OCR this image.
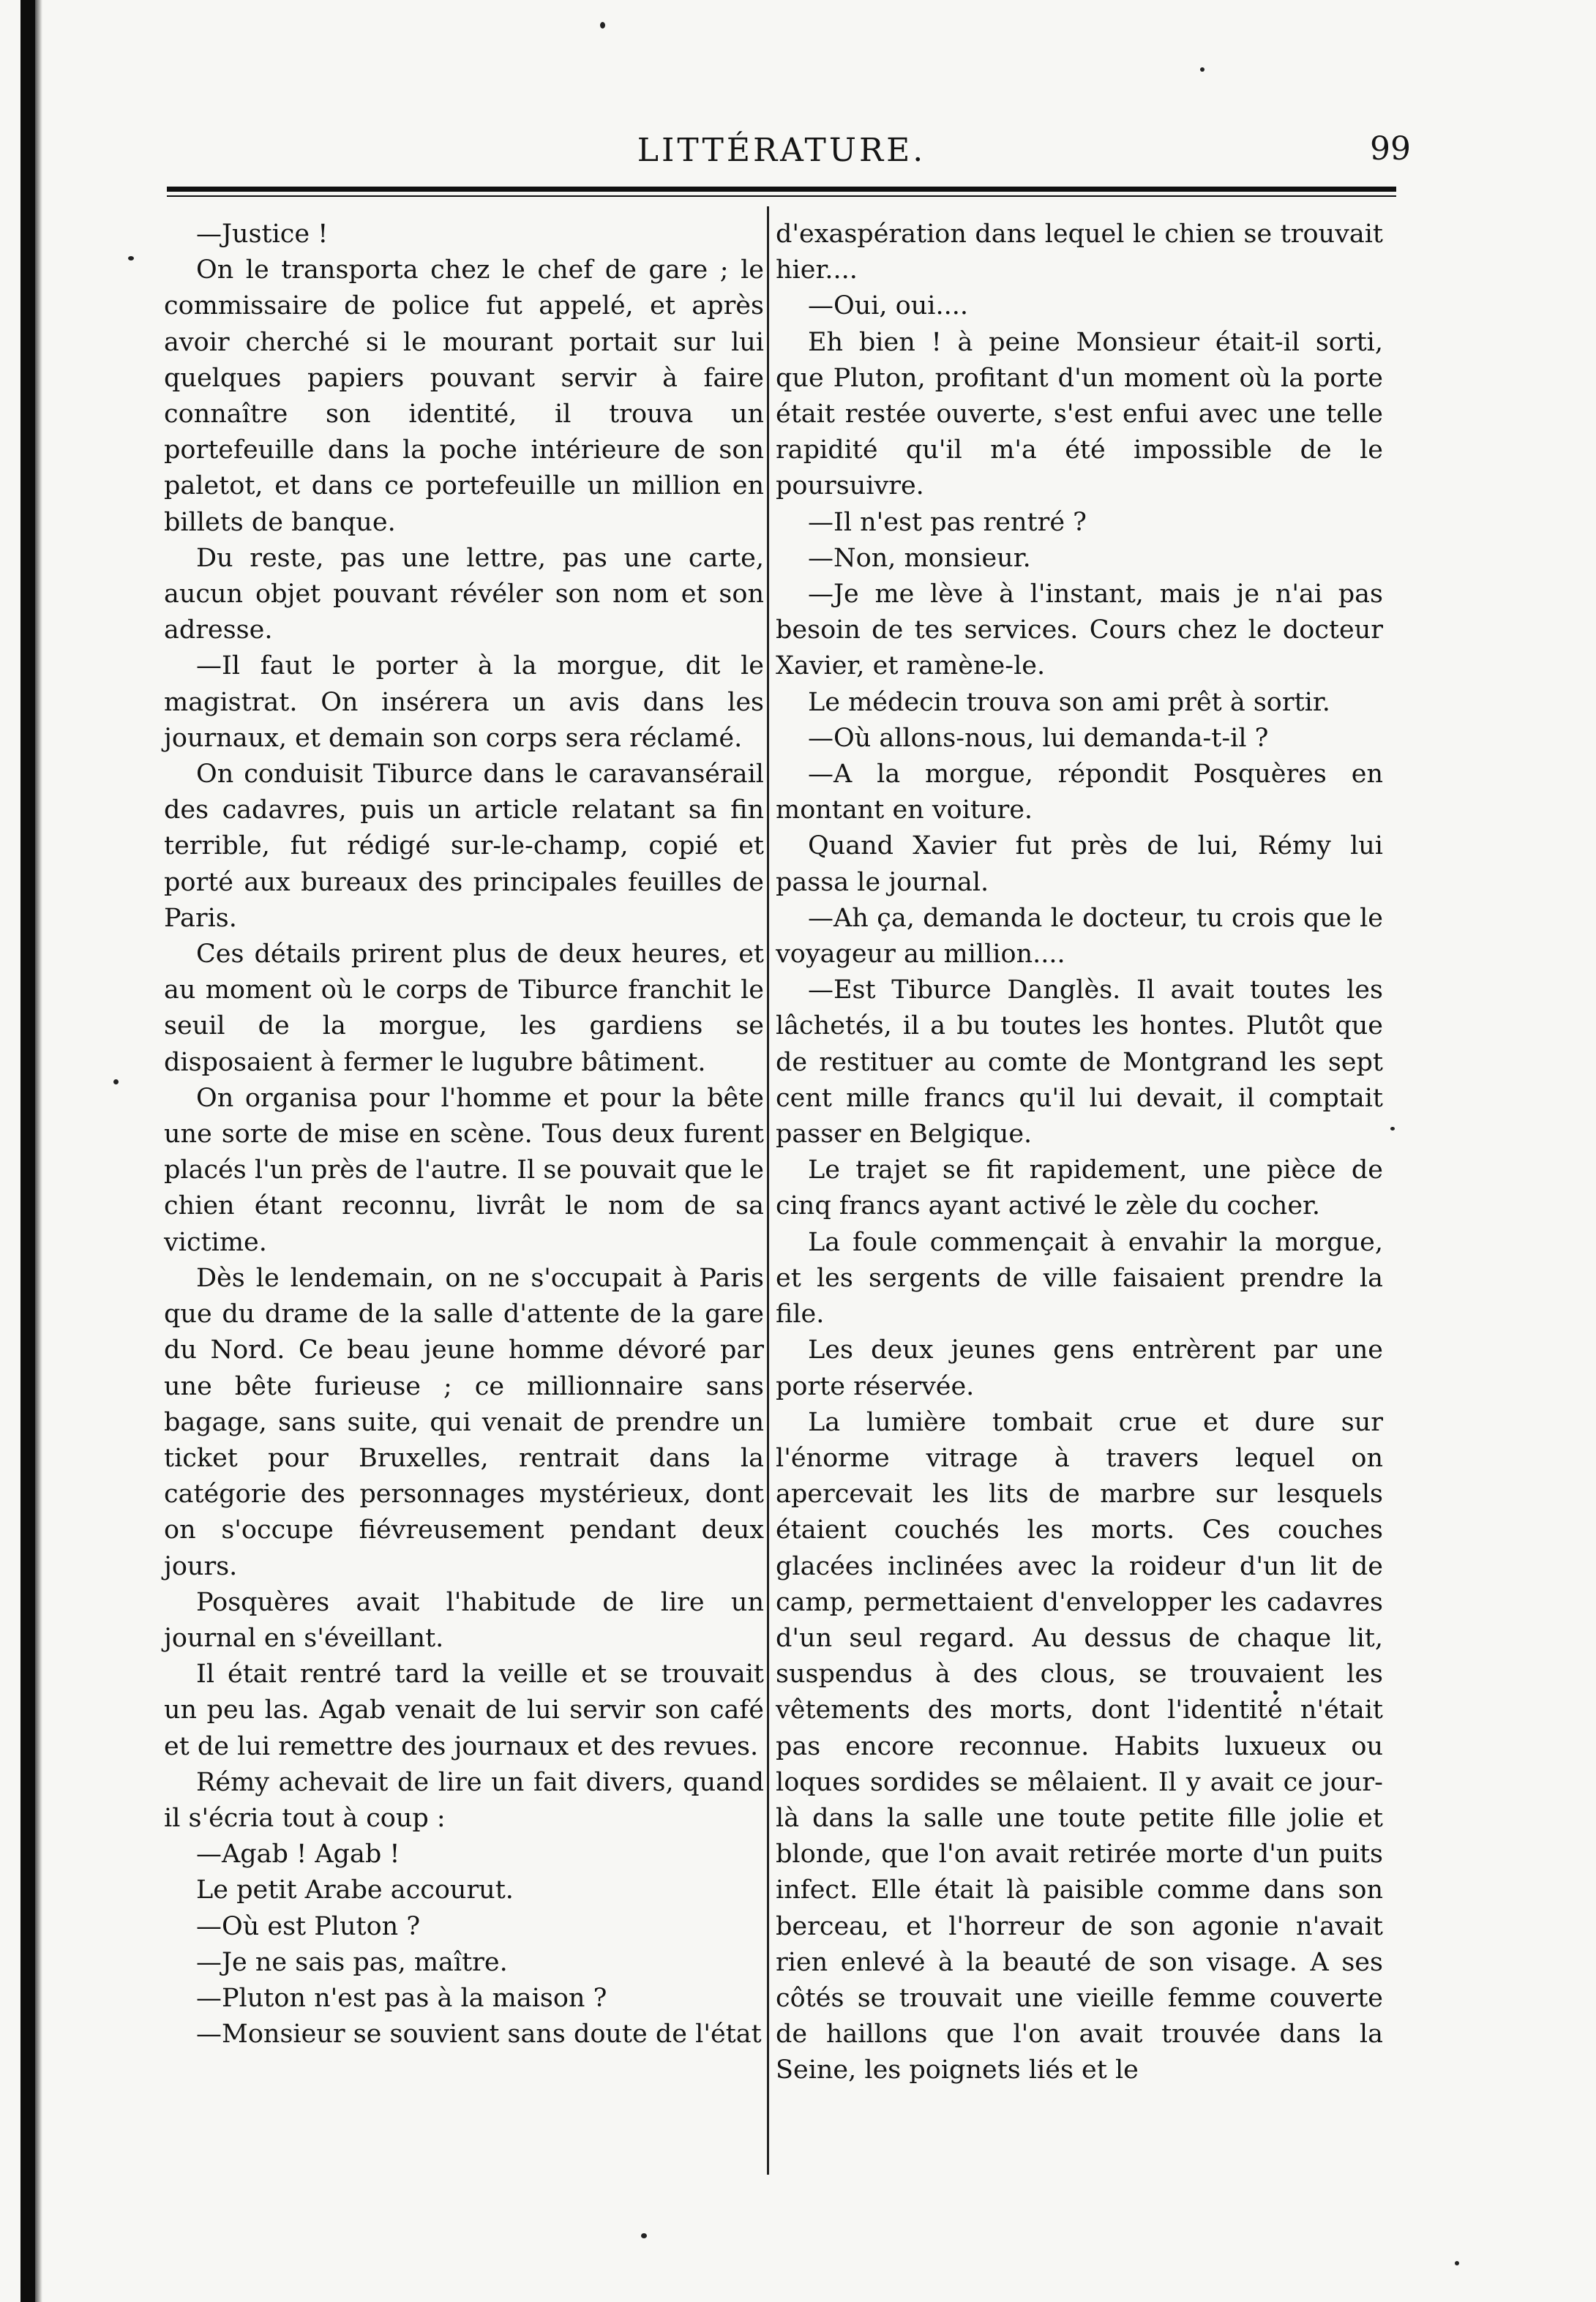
LITTÉRATURE.	99

—Justice !

On le transporta chez le chef de gare ; le commissaire de police fut appelé, et après avoir cherché si le mourant portait sur lui quelques papiers pouvant servir à faire connaître son identité, il trouva un portefeuille dans la poche intérieure de son paletot, et dans ce portefeuille un million en billets de banque.

Du reste, pas une lettre, pas une carte, aucun objet pouvant révéler son nom et son adresse.

—Il faut le porter à la morgue, dit le magistrat. On insérera un avis dans les journaux, et demain son corps sera réclamé.

On conduisit Tiburce dans le caravansérail des cadavres, puis un article relatant sa fin terrible, fut rédigé sur-le-champ, copié et porté aux bureaux des principales feuilles de Paris.

Ces détails prirent plus de deux heures, et au moment où le corps de Tiburce franchit le seuil de la morgue, les gardiens se disposaient à fermer le lugubre bâtiment.

On organisa pour l'homme et pour la bête une sorte de mise en scène. Tous deux furent placés l'un près de l'autre. Il se pouvait que le chien étant reconnu, livrât le nom de sa victime.

Dès le lendemain, on ne s'occupait à Paris que du drame de la salle d'attente de la gare du Nord. Ce beau jeune homme dévoré par une bête furieuse ; ce millionnaire sans bagage, sans suite, qui venait de prendre un ticket pour Bruxelles, rentrait dans la catégorie des personnages mystérieux, dont on s'occupe fiévreusement pendant deux jours.

Posquères avait l'habitude de lire un journal en s'éveillant.

Il était rentré tard la veille et se trouvait un peu las. Agab venait de lui servir son café et de lui remettre des journaux et des revues.

Rémy achevait de lire un fait divers, quand il s'écria tout à coup :

—Agab ! Agab !

Le petit Arabe accourut.

—Où est Pluton ?

—Je ne sais pas, maître.

—Pluton n'est pas à la maison ?

—Monsieur se souvient sans doute de l'état

d'exaspération dans lequel le chien se trouvait hier....

—Oui, oui....

Eh bien ! à peine Monsieur était-il sorti, que Pluton, profitant d'un moment où la porte était restée ouverte, s'est enfui avec une telle rapidité qu'il m'a été impossible de le poursuivre.

—Il n'est pas rentré ?

—Non, monsieur.

—Je me lève à l'instant, mais je n'ai pas besoin de tes services. Cours chez le docteur Xavier, et ramène-le.

Le médecin trouva son ami prêt à sortir.

—Où allons-nous, lui demanda-t-il ?

—A la morgue, répondit Posquères en montant en voiture.

Quand Xavier fut près de lui, Rémy lui passa le journal.

—Ah ça, demanda le docteur, tu crois que le voyageur au million....

—Est Tiburce Danglès. Il avait toutes les lâchetés, il a bu toutes les hontes. Plutôt que de restituer au comte de Montgrand les sept cent mille francs qu'il lui devait, il comptait passer en Belgique.

Le trajet se fit rapidement, une pièce de cinq francs ayant activé le zèle du cocher.

La foule commençait à envahir la morgue, et les sergents de ville faisaient prendre la file.

Les deux jeunes gens entrèrent par une porte réservée.

La lumière tombait crue et dure sur l'énorme vitrage à travers lequel on apercevait les lits de marbre sur lesquels étaient couchés les morts. Ces couches glacées inclinées avec la roideur d'un lit de camp, permettaient d'envelopper les cadavres d'un seul regard. Au dessus de chaque lit, suspendus à des clous, se trouvaient les vêtements des morts, dont l'identité n'était pas encore reconnue. Habits luxueux ou loques sordides se mêlaient. Il y avait ce jour-là dans la salle une toute petite fille jolie et blonde, que l'on avait retirée morte d'un puits infect. Elle était là paisible comme dans son berceau, et l'horreur de son agonie n'avait rien enlevé à la beauté de son visage. A ses côtés se trouvait une vieille femme couverte de haillons que l'on avait trouvée dans la Seine, les poignets liés et le
